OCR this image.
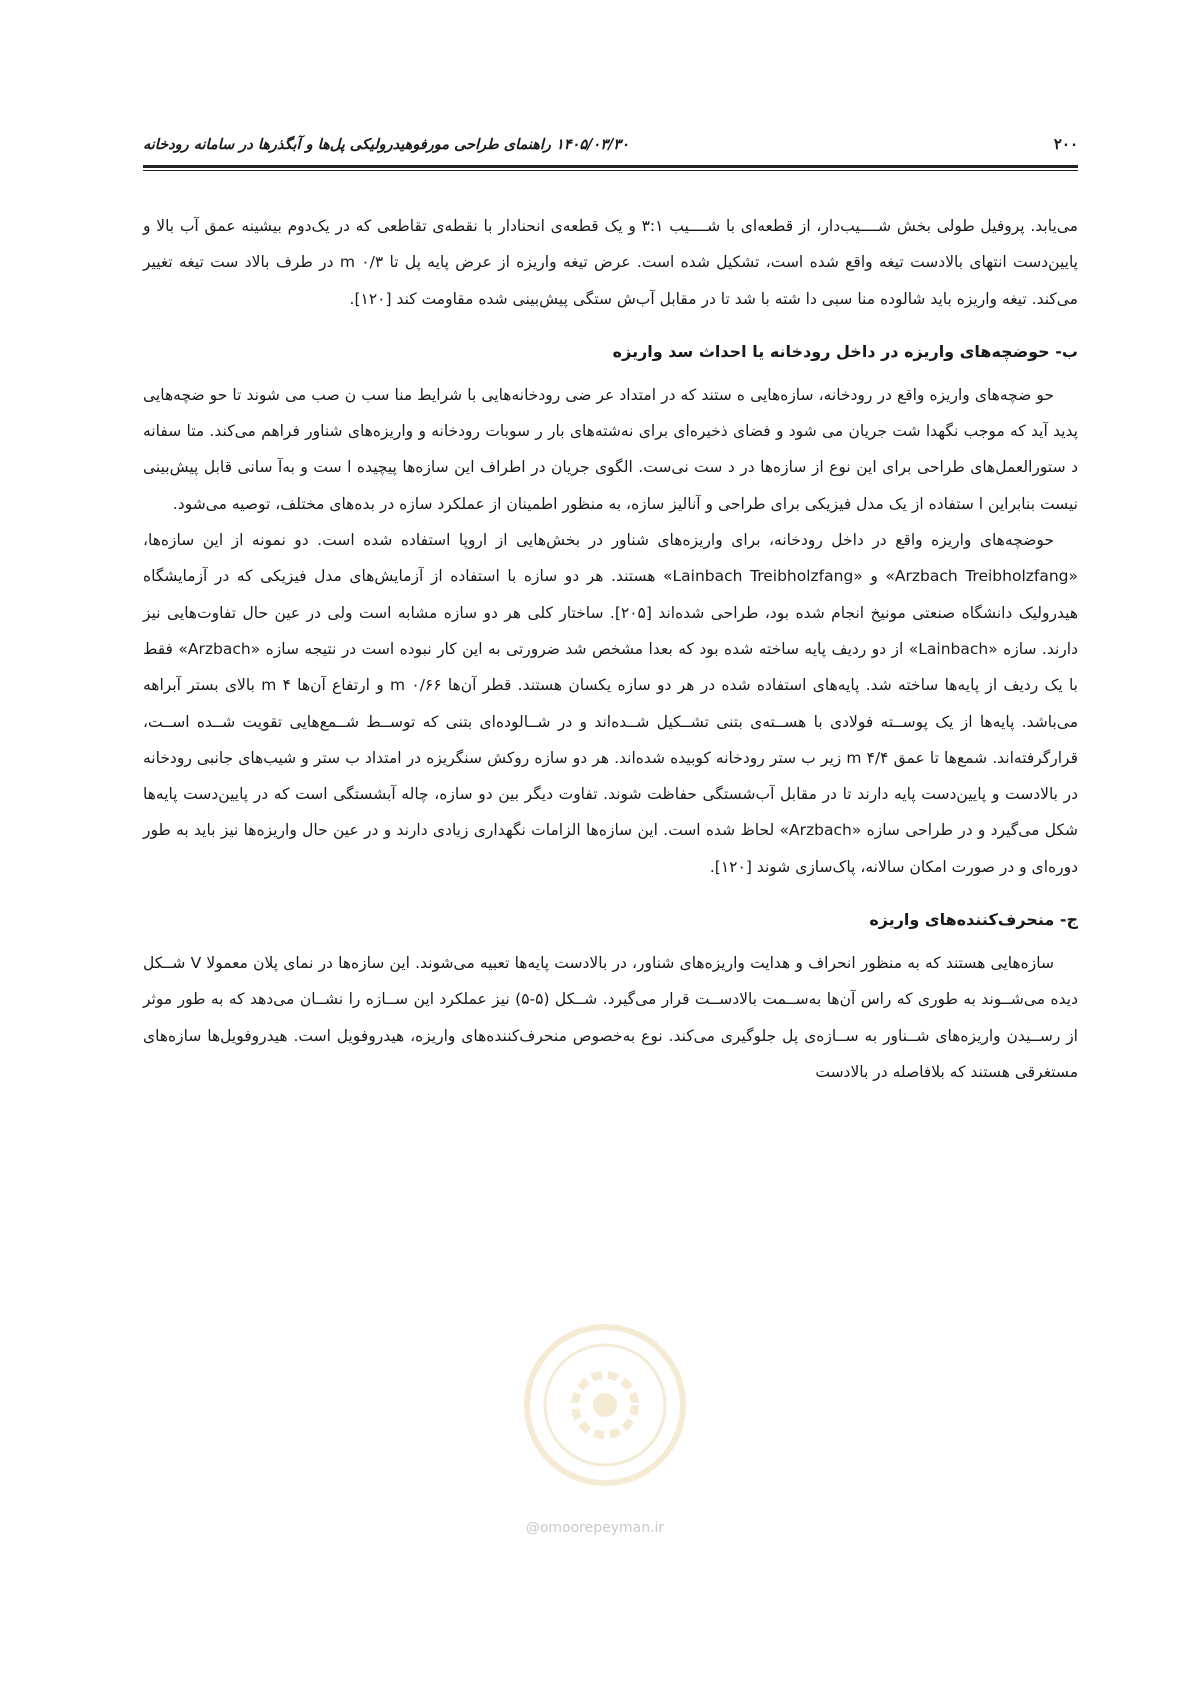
۲۰۰
۱۴۰۵/۰۳/۳۰ راهنمای طراحی مورفوهیدرولیکی پل‌ها و آبگذرها در سامانه رودخانه

می‌یابد. پروفیل طولی بخش شــــیب‌دار، از قطعه‌ای با شــــیب ۳:۱ و یک قطعه‌ی انحنادار با نقطه‌ی تقاطعی که در یک‌دوم بیشینه عمق آب بالا و پایین‌دست انتهای بالادست تیغه واقع شده است، تشکیل شده است. عرض تیغه واریزه از عرض پایه پل تا m ۰/۳ در طرف بالاد ست تیغه تغییر می‌کند. تیغه واریزه باید شالوده منا سبی دا شته با شد تا در مقابل آب‌ش ستگی پیش‌بینی شده مقاومت کند [۱۲۰].

ب- حوضچه‌های واریزه در داخل رودخانه یا احداث سد واریزه

حو ضچه‌های واریزه واقع در رودخانه، سازه‌هایی ه ستند که در امتداد عر ضی رودخانه‌هایی با شرایط منا سب ن صب می شوند تا حو ضچه‌هایی پدید آید که موجب نگهدا شت جریان می شود و فضای ذخیره‌ای برای نه‌شته‌های بار ر سوبات رودخانه و واریزه‌های شناور فراهم می‌کند. متا سفانه د ستورالعمل‌های طراحی برای این نوع از سازه‌ها در د ست نی‌ست. الگوی جریان در اطراف این سازه‌ها پیچیده ا ست و به‌آ سانی قابل پیش‌بینی نیست بنابراین ا ستفاده از یک مدل فیزیکی برای طراحی و آنالیز سازه، به منظور اطمینان از عملکرد سازه در بده‌های مختلف، توصیه می‌شود.

حوضچه‌های واریزه واقع در داخل رودخانه، برای واریزه‌های شناور در بخش‌هایی از اروپا استفاده شده است. دو نمونه از این سازه‌ها، «Arzbach Treibholzfang» و «Lainbach Treibholzfang» هستند. هر دو سازه با استفاده از آزمایش‌های مدل فیزیکی که در آزمایشگاه هیدرولیک دانشگاه صنعتی مونیخ انجام شده بود، طراحی شده‌اند [۲۰۵]. ساختار کلی هر دو سازه مشابه است ولی در عین حال تفاوت‌هایی نیز دارند. سازه «Lainbach» از دو ردیف پایه ساخته شده بود که بعدا مشخص شد ضرورتی به این کار نبوده است در نتیجه سازه «Arzbach» فقط با یک ردیف از پایه‌ها ساخته شد. پایه‌های استفاده شده در هر دو سازه یکسان هستند. قطر آن‌ها m ۰/۶۶ و ارتفاع آن‌ها m ۴ بالای بستر آبراهه می‌باشد. پایه‌ها از یک پوســته فولادی با هســته‌ی بتنی تشــکیل شــده‌اند و در شــالوده‌ای بتنی که توســط شــمع‌هایی تقویت شــده اســت، قرارگرفته‌اند. شمع‌ها تا عمق m ۴/۴ زیر ب ستر رودخانه کوبیده شده‌اند. هر دو سازه روکش سنگریزه در امتداد ب ستر و شیب‌های جانبی رودخانه در بالادست و پایین‌دست پایه دارند تا در مقابل آب‌شستگی حفاظت شوند. تفاوت دیگر بین دو سازه، چاله آبشستگی است که در پایین‌دست پایه‌ها شکل می‌گیرد و در طراحی سازه «Arzbach» لحاظ شده است. این سازه‌ها الزامات نگهداری زیادی دارند و در عین حال واریزه‌ها نیز باید به طور دوره‌ای و در صورت امکان سالانه، پاک‌سازی شوند [۱۲۰].

ج- منحرف‌کننده‌های واریزه

سازه‌هایی هستند که به منظور انحراف و هدایت واریزه‌های شناور، در بالادست پایه‌ها تعبیه می‌شوند. این سازه‌ها در نمای پلان معمولا V شــکل دیده می‌شــوند به طوری که راس آن‌ها به‌ســمت بالادســت قرار می‌گیرد. شــکل (۵-۵) نیز عملکرد این ســازه را نشــان می‌دهد که به طور موثر از رســیدن واریزه‌های شــناور به ســازه‌ی پل جلوگیری می‌کند. نوع به‌خصوص منحرف‌کننده‌های واریزه، هیدروفویل است. هیدروفویل‌ها سازه‌های مستغرقی هستند که بلافاصله در بالادست

@omoorepeyman.ir
